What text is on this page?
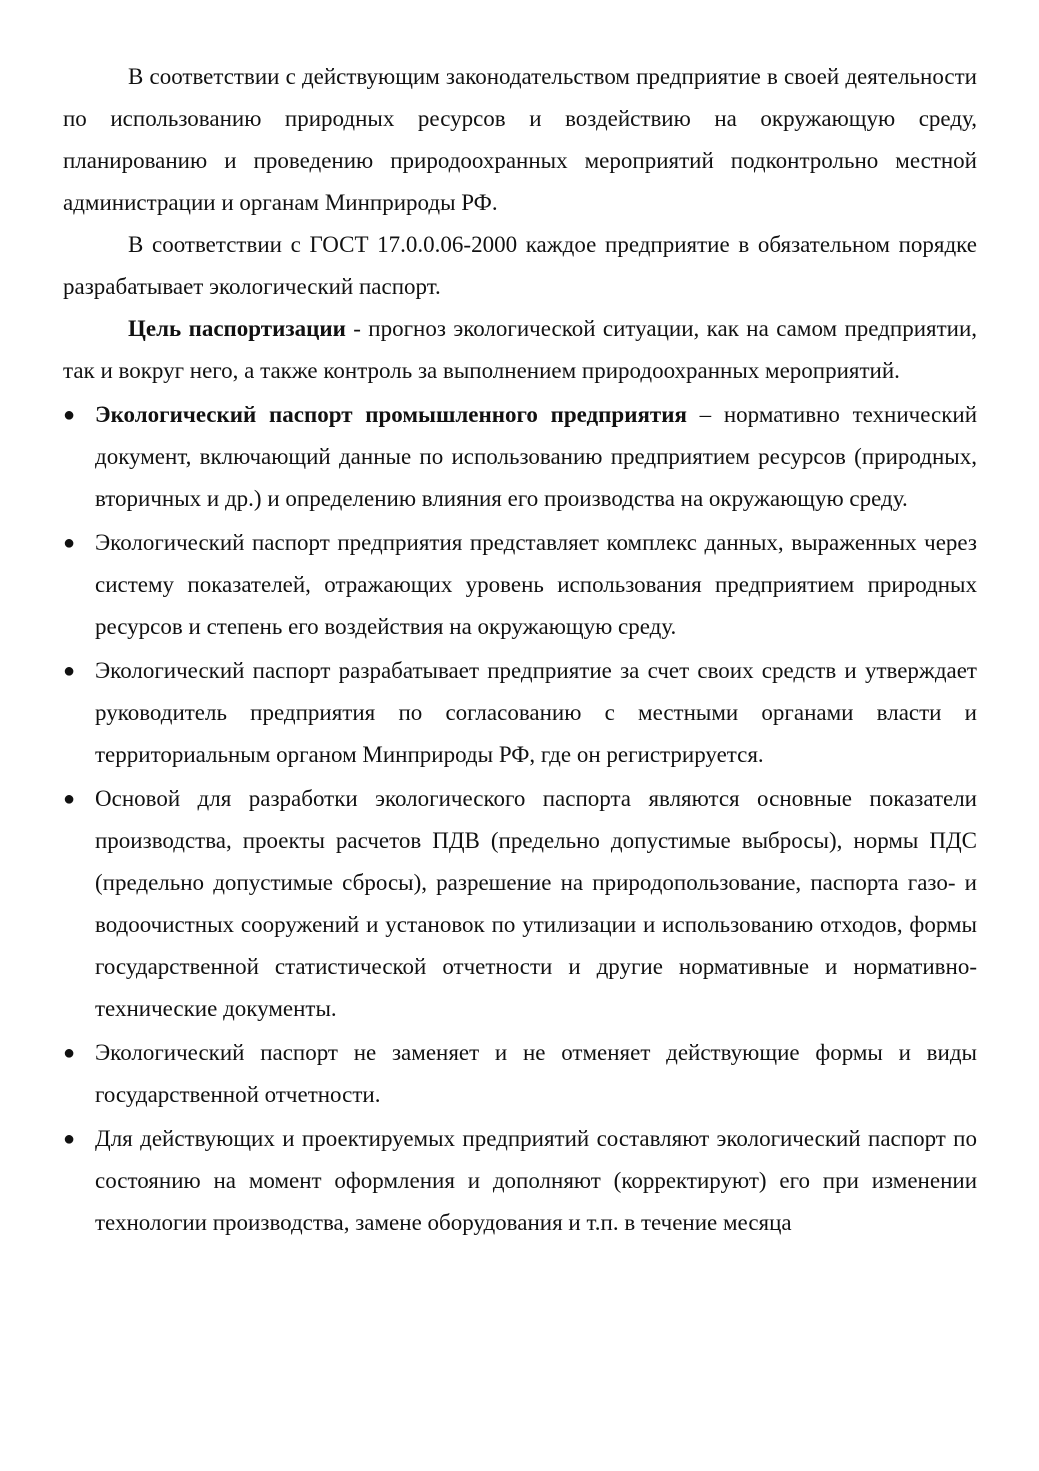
В соответствии с действующим законодательством предприятие в своей деятельности по использованию природных ресурсов и воздействию на окружающую среду, планированию и проведению природоохранных мероприятий подконтрольно местной администрации и органам Минприроды РФ.

В соответствии с ГОСТ 17.0.0.06-2000 каждое предприятие в обязательном порядке разрабатывает экологический паспорт.

Цель паспортизации - прогноз экологической ситуации, как на самом предприятии, так и вокруг него, а также контроль за выполнением природоохранных мероприятий.

● Экологический паспорт промышленного предприятия – нормативно технический документ, включающий данные по использованию предприятием ресурсов (природных, вторичных и др.) и определению влияния его производства на окружающую среду.
● Экологический паспорт предприятия представляет комплекс данных, выраженных через систему показателей, отражающих уровень использования предприятием природных ресурсов и степень его воздействия на окружающую среду.
● Экологический паспорт разрабатывает предприятие за счет своих средств и утверждает руководитель предприятия по согласованию с местными органами власти и территориальным органом Минприроды РФ, где он регистрируется.
● Основой для разработки экологического паспорта являются основные показатели производства, проекты расчетов ПДВ (предельно допустимые выбросы), нормы ПДС (предельно допустимые сбросы), разрешение на природопользование, паспорта газо- и водоочистных сооружений и установок по утилизации и использованию отходов, формы государственной статистической отчетности и другие нормативные и нормативно-технические документы.
● Экологический паспорт не заменяет и не отменяет действующие формы и виды государственной отчетности.
● Для действующих и проектируемых предприятий составляют экологический паспорт по состоянию на момент оформления и дополняют (корректируют) его при изменении технологии производства, замене оборудования и т.п. в течение месяца
